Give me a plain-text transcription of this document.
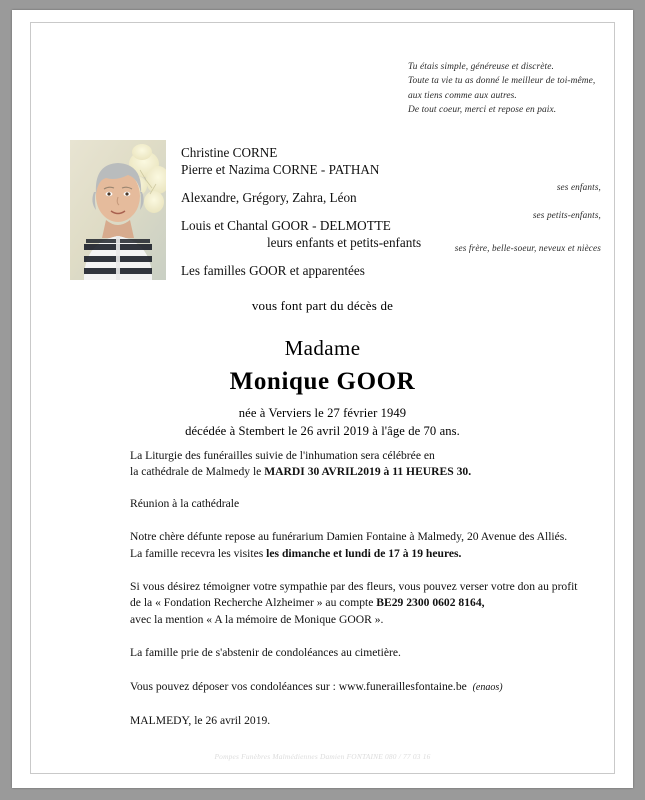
Tu étais simple, généreuse et discrète.
Toute ta vie tu as donné le meilleur de toi-même,
aux tiens comme aux autres.
De tout coeur, merci et repose en paix.
Christine CORNE
Pierre et Nazima CORNE - PATHAN
Alexandre, Grégory, Zahra, Léon
Louis et Chantal GOOR - DELMOTTE
leurs enfants et petits-enfants
Les familles GOOR et apparentées
ses enfants,
ses petits-enfants,
ses frère, belle-soeur, neveux et nièces
vous font part du décès de
Madame
Monique GOOR
née à Verviers le 27 février 1949
décédée à Stembert le 26 avril 2019 à l'âge de 70 ans.
La Liturgie des funérailles suivie de l'inhumation sera célébrée en
la cathédrale de Malmedy le MARDI 30 AVRIL2019 à 11 HEURES 30.
Réunion à la cathédrale
Notre chère défunte repose au funérarium Damien Fontaine à Malmedy, 20 Avenue des Alliés.
La famille recevra les visites les dimanche et lundi de 17 à 19 heures.
Si vous désirez témoigner votre sympathie par des fleurs, vous pouvez verser votre don au profit
de la « Fondation Recherche Alzheimer » au compte BE29 2300 0602 8164,
avec la mention « A la mémoire de Monique GOOR ».
La famille prie de s'abstenir de condoléances au cimetière.
Vous pouvez déposer vos condoléances sur : www.funeraillesfontaine.be (enaos)
MALMEDY, le 26 avril 2019.
Pompes Funèbres Malmédiennes Damien FONTAINE 080 / 77 03 16
